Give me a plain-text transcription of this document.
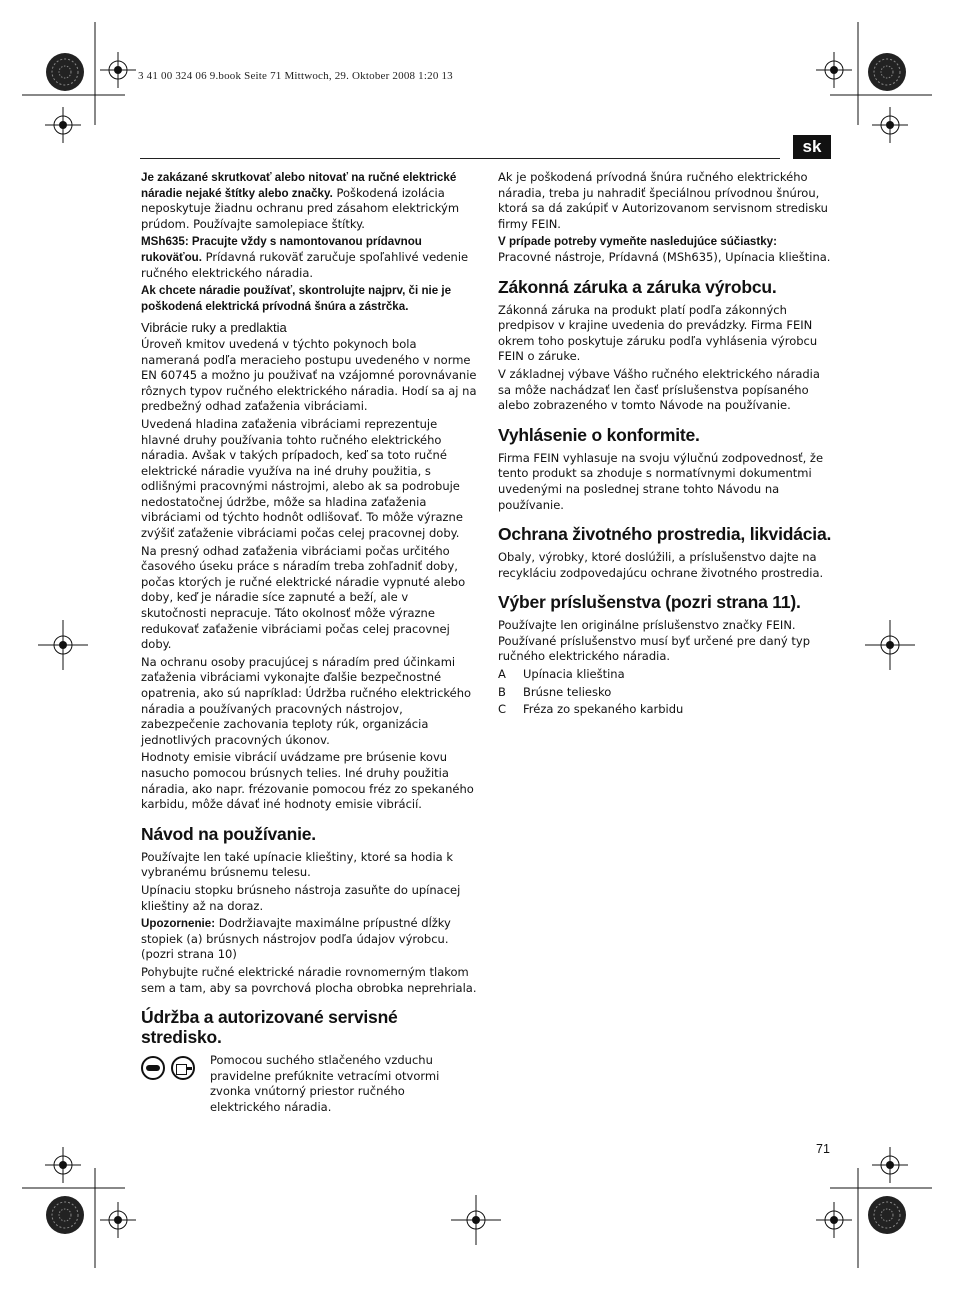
3 41 00 324 06 9.book Seite 71 Mittwoch, 29. Oktober 2008 1:20 13
sk

Je zakázané skrutkovať alebo nitovať na ručné elektrické náradie nejaké štítky alebo značky. Poškodená izolácia neposkytuje žiadnu ochranu pred zásahom elektrickým prúdom. Používajte samolepiace štítky.

MSh635: Pracujte vždy s namontovanou prídavnou rukoväťou. Prídavná rukoväť zaručuje spoľahlivé vedenie ručného elektrického náradia.

Ak chcete náradie používať, skontrolujte najprv, či nie je poškodená elektrická prívodná šnúra a zástrčka.

Vibrácie ruky a predlaktia

Úroveň kmitov uvedená v týchto pokynoch bola nameraná podľa meracieho postupu uvedeného v norme EN 60745 a možno ju použivať na vzájomné porovnávanie rôznych typov ručného elektrického náradia. Hodí sa aj na predbežný odhad zaťaženia vibráciami.

Uvedená hladina zaťaženia vibráciami reprezentuje hlavné druhy používania tohto ručného elektrického náradia. Avšak v takých prípadoch, keď sa toto ručné elektrické náradie využíva na iné druhy použitia, s odlišnými pracovnými nástrojmi, alebo ak sa podrobuje nedostatočnej údržbe, môže sa hladina zaťaženia vibráciami od týchto hodnôt odlišovať. To môže výrazne zvýšiť zaťaženie vibráciami počas celej pracovnej doby.

Na presný odhad zaťaženia vibráciami počas určitého časového úseku práce s náradím treba zohľadniť doby, počas ktorých je ručné elektrické náradie vypnuté alebo doby, keď je náradie síce zapnuté a beží, ale v skutočnosti nepracuje. Táto okolnosť môže výrazne redukovať zaťaženie vibráciami počas celej pracovnej doby.

Na ochranu osoby pracujúcej s náradím pred účinkami zaťaženia vibráciami vykonajte ďalšie bezpečnostné opatrenia, ako sú napríklad: Údržba ručného elektrického náradia a používaných pracovných nástrojov, zabezpečenie zachovania teploty rúk, organizácia jednotlivých pracovných úkonov.

Hodnoty emisie vibrácií uvádzame pre brúsenie kovu nasucho pomocou brúsnych telies. Iné druhy použitia náradia, ako napr. frézovanie pomocou fréz zo spekaného karbidu, môže dávať iné hodnoty emisie vibrácií.

Návod na používanie.

Používajte len také upínacie klieštiny, ktoré sa hodia k vybranému brúsnemu telesu.

Upínaciu stopku brúsneho nástroja zasuňte do upínacej klieštiny až na doraz.

Upozornenie: Dodržiavajte maximálne prípustné dĺžky stopiek (a) brúsnych nástrojov podľa údajov výrobcu. (pozri strana 10)

Pohybujte ručné elektrické náradie rovnomerným tlakom sem a tam, aby sa povrchová plocha obrobka neprehriala.

Údržba a autorizované servisné stredisko.

Pomocou suchého stlačeného vzduchu pravidelne prefúknite vetracími otvormi zvonka vnútorný priestor ručného elektrického náradia.

Ak je poškodená prívodná šnúra ručného elektrického náradia, treba ju nahradiť špeciálnou prívodnou šnúrou, ktorá sa dá zakúpiť v Autorizovanom servisnom stredisku firmy FEIN.

V prípade potreby vymeňte nasledujúce súčiastky:

Pracovné nástroje, Prídavná (MSh635), Upínacia klieština.

Zákonná záruka a záruka výrobcu.

Zákonná záruka na produkt platí podľa zákonných predpisov v krajine uvedenia do prevádzky. Firma FEIN okrem toho poskytuje záruku podľa vyhlásenia výrobcu FEIN o záruke.

V základnej výbave Vášho ručného elektrického náradia sa môže nachádzať len časť príslušenstva popísaného alebo zobrazeného v tomto Návode na používanie.

Vyhlásenie o konformite.

Firma FEIN vyhlasuje na svoju výlučnú zodpovednosť, že tento produkt sa zhoduje s normatívnymi dokumentmi uvedenými na poslednej strane tohto Návodu na používanie.

Ochrana životného prostredia, likvidácia.

Obaly, výrobky, ktoré doslúžili, a príslušenstvo dajte na recykláciu zodpovedajúcu ochrane životného prostredia.

Výber príslušenstva (pozri strana 11).

Používajte len originálne príslušenstvo značky FEIN. Používané príslušenstvo musí byť určené pre daný typ ručného elektrického náradia.

A	Upínacia klieština
B	Brúsne teliesko
C	Fréza zo spekaného karbidu
71
